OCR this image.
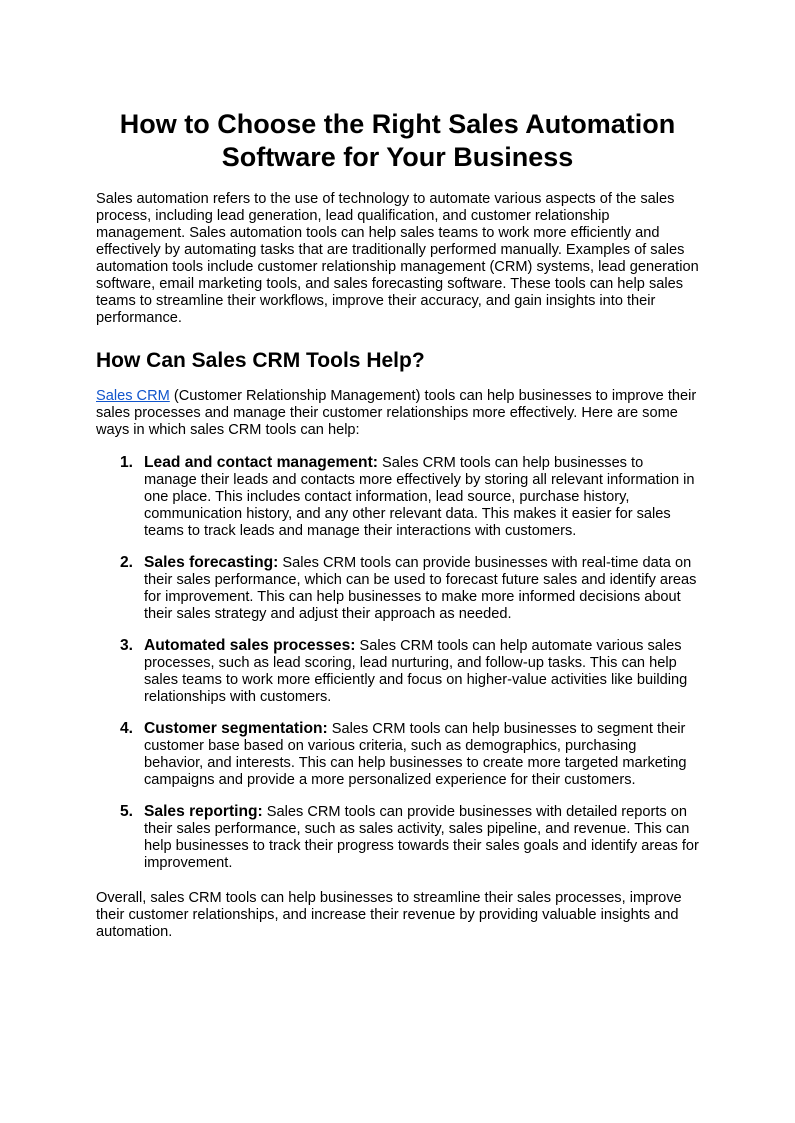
How to Choose the Right Sales Automation Software for Your Business

Sales automation refers to the use of technology to automate various aspects of the sales process, including lead generation, lead qualification, and customer relationship management. Sales automation tools can help sales teams to work more efficiently and effectively by automating tasks that are traditionally performed manually. Examples of sales automation tools include customer relationship management (CRM) systems, lead generation software, email marketing tools, and sales forecasting software. These tools can help sales teams to streamline their workflows, improve their accuracy, and gain insights into their performance.

How Can Sales CRM Tools Help?

Sales CRM (Customer Relationship Management) tools can help businesses to improve their sales processes and manage their customer relationships more effectively. Here are some ways in which sales CRM tools can help:

1. Lead and contact management: Sales CRM tools can help businesses to manage their leads and contacts more effectively by storing all relevant information in one place. This includes contact information, lead source, purchase history, communication history, and any other relevant data. This makes it easier for sales teams to track leads and manage their interactions with customers.
2. Sales forecasting: Sales CRM tools can provide businesses with real-time data on their sales performance, which can be used to forecast future sales and identify areas for improvement. This can help businesses to make more informed decisions about their sales strategy and adjust their approach as needed.
3. Automated sales processes: Sales CRM tools can help automate various sales processes, such as lead scoring, lead nurturing, and follow-up tasks. This can help sales teams to work more efficiently and focus on higher-value activities like building relationships with customers.
4. Customer segmentation: Sales CRM tools can help businesses to segment their customer base based on various criteria, such as demographics, purchasing behavior, and interests. This can help businesses to create more targeted marketing campaigns and provide a more personalized experience for their customers.
5. Sales reporting: Sales CRM tools can provide businesses with detailed reports on their sales performance, such as sales activity, sales pipeline, and revenue. This can help businesses to track their progress towards their sales goals and identify areas for improvement.

Overall, sales CRM tools can help businesses to streamline their sales processes, improve their customer relationships, and increase their revenue by providing valuable insights and automation.
